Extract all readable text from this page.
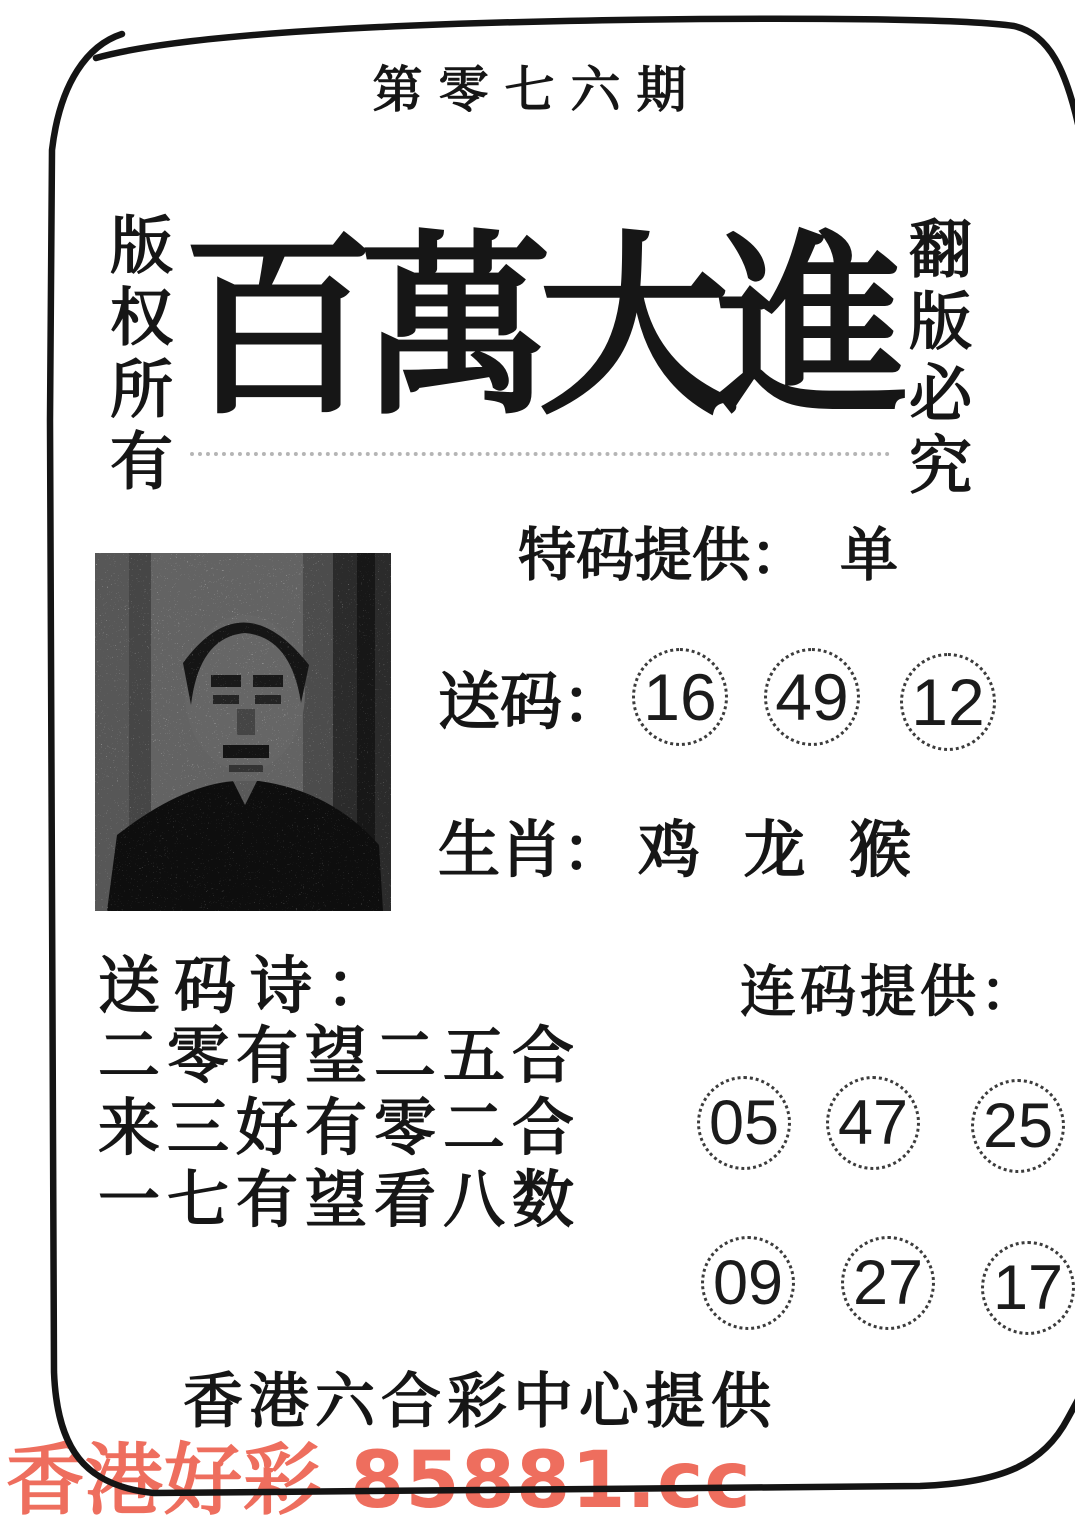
第零七六期
版权所有	翻版必究
百萬大進
特码提供： 单
送码： 16 49 12
生肖： 鸡 龙 猴
送码诗：
二零有望二五合
来三好有零二合
一七有望看八数
连码提供：
05 47 25
09 27 17
香港六合彩中心提供
香港好彩 85881.cc
